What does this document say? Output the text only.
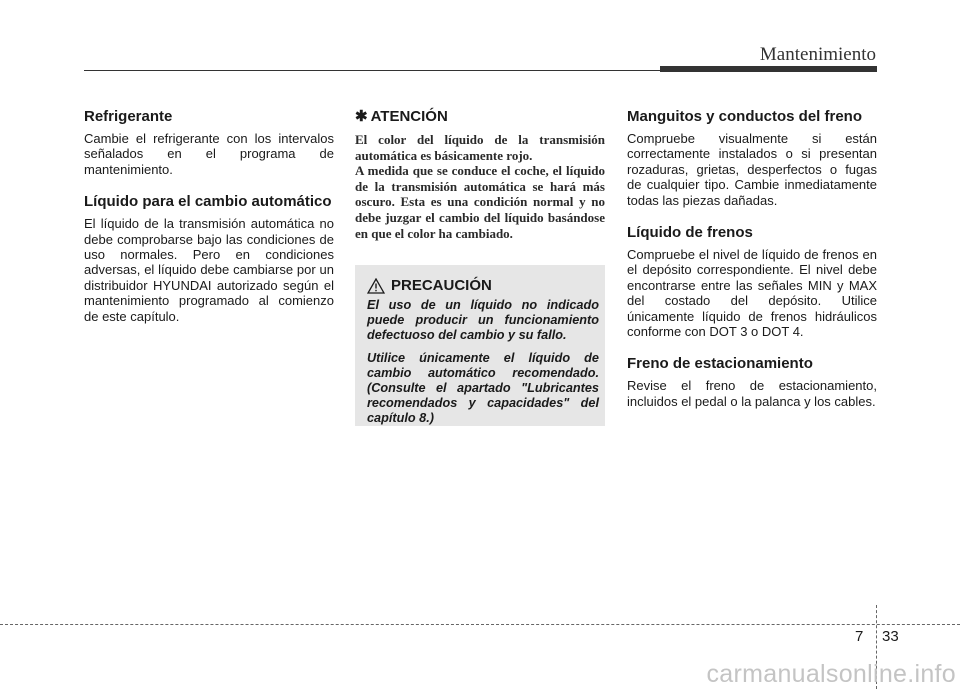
Mantenimiento
Refrigerante

Cambie el refrigerante con los intervalos señalados en el programa de mantenimiento.

Líquido para el cambio automático

El líquido de la transmisión automática no debe comprobarse bajo las condiciones de uso normales. Pero en condiciones adversas, el líquido debe cambiarse por un distribuidor HYUNDAI autorizado según el mantenimiento programado al comienzo de este capítulo.

✱ ATENCIÓN

El color del líquido de la transmisión automática es básicamente rojo.

A medida que se conduce el coche, el líquido de la transmisión automática se hará más oscuro. Esta es una condición normal y no debe juzgar el cambio del líquido basándose en que el color ha cambiado.

PRECAUCIÓN

El uso de un líquido no indicado puede producir un funcionamiento defectuoso del cambio y su fallo.

Utilice únicamente el líquido de cambio automático recomendado. (Consulte el apartado "Lubricantes recomendados y capacidades" del capítulo 8.)

Manguitos y conductos del freno

Compruebe visualmente si están correctamente instalados o si presentan rozaduras, grietas, desperfectos o fugas de cualquier tipo. Cambie inmediatamente todas las piezas dañadas.

Líquido de frenos

Compruebe el nivel de líquido de frenos en el depósito correspondiente. El nivel debe encontrarse entre las señales MIN y MAX del costado del depósito. Utilice únicamente líquido de frenos hidráulicos conforme con DOT 3 o DOT 4.

Freno de estacionamiento

Revise el freno de estacionamiento, incluidos el pedal o la palanca y los cables.

7 33
carmanualsonline.info
